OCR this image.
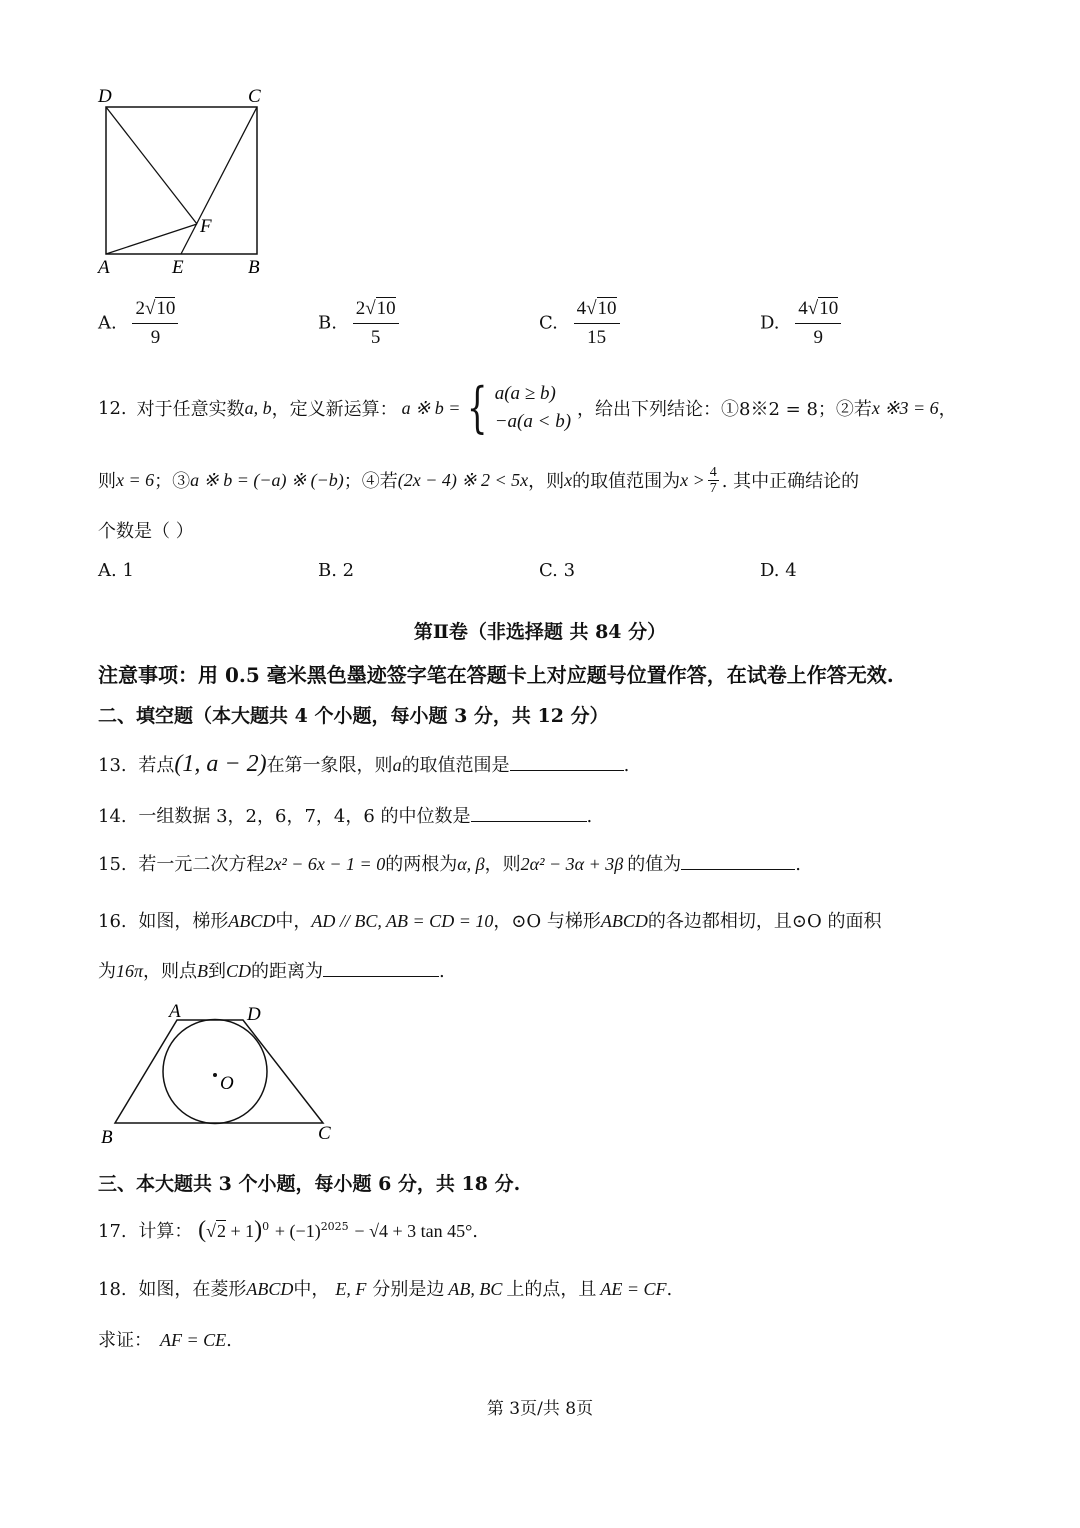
D	C
A	E	B
F
A. $\frac{2√10}{9}$	B. $\frac{2√10}{5}$	C. $\frac{4√10}{15}$	D. $\frac{4√10}{9}$
12. 对于任意实数 a, b ，定义新运算： a ※ b = { a(a ≥ b)
−a(a < b)
，给出下列结论：①8※2 = 8；②若 x ※3 = 6 ，
则 x = 6 ；③ a ※ b = (−a) ※ (−b) ；④若 (2x − 4) ※ 2 < 5x ，则 x 的取值范围为 $x > \frac{4}{7}$ . 其中正确结论的
个数是（ ）
A. 1	B. 2	C. 3	D. 4
第Ⅱ卷（非选择题 共 84 分）
注意事项：用 0.5 毫米黑色墨迹签字笔在答题卡上对应题号位置作答，在试卷上作答无效.
二、填空题（本大题共 4 个小题，每小题 3 分，共 12 分）
13. 若点(1, a − 2)在第一象限，则a的取值范围是	.
14. 一组数据 3，2，6，7，4，6 的中位数是	.
15. 若一元二次方程2x² − 6x − 1 = 0的两根为α, β，则2α² − 3α + 3β 的值为	.
16. 如图，梯形ABCD中，AD // BC, AB = CD = 10，⊙O 与梯形ABCD的各边都相切，且⊙O 的面积
为16π，则点B到CD的距离为	.
A	D
B	C
O
三、本大题共 3 个小题，每小题 6 分，共 18 分.
17. 计算： $(√2 + 1)^0 + (-1)^{2025} - √4 + 3$ tan 45°.
18. 如图，在菱形ABCD中， E, F 分别是边 AB, BC 上的点，且 AE = CF.
求证： AF = CE.
第 3页/共 8页
